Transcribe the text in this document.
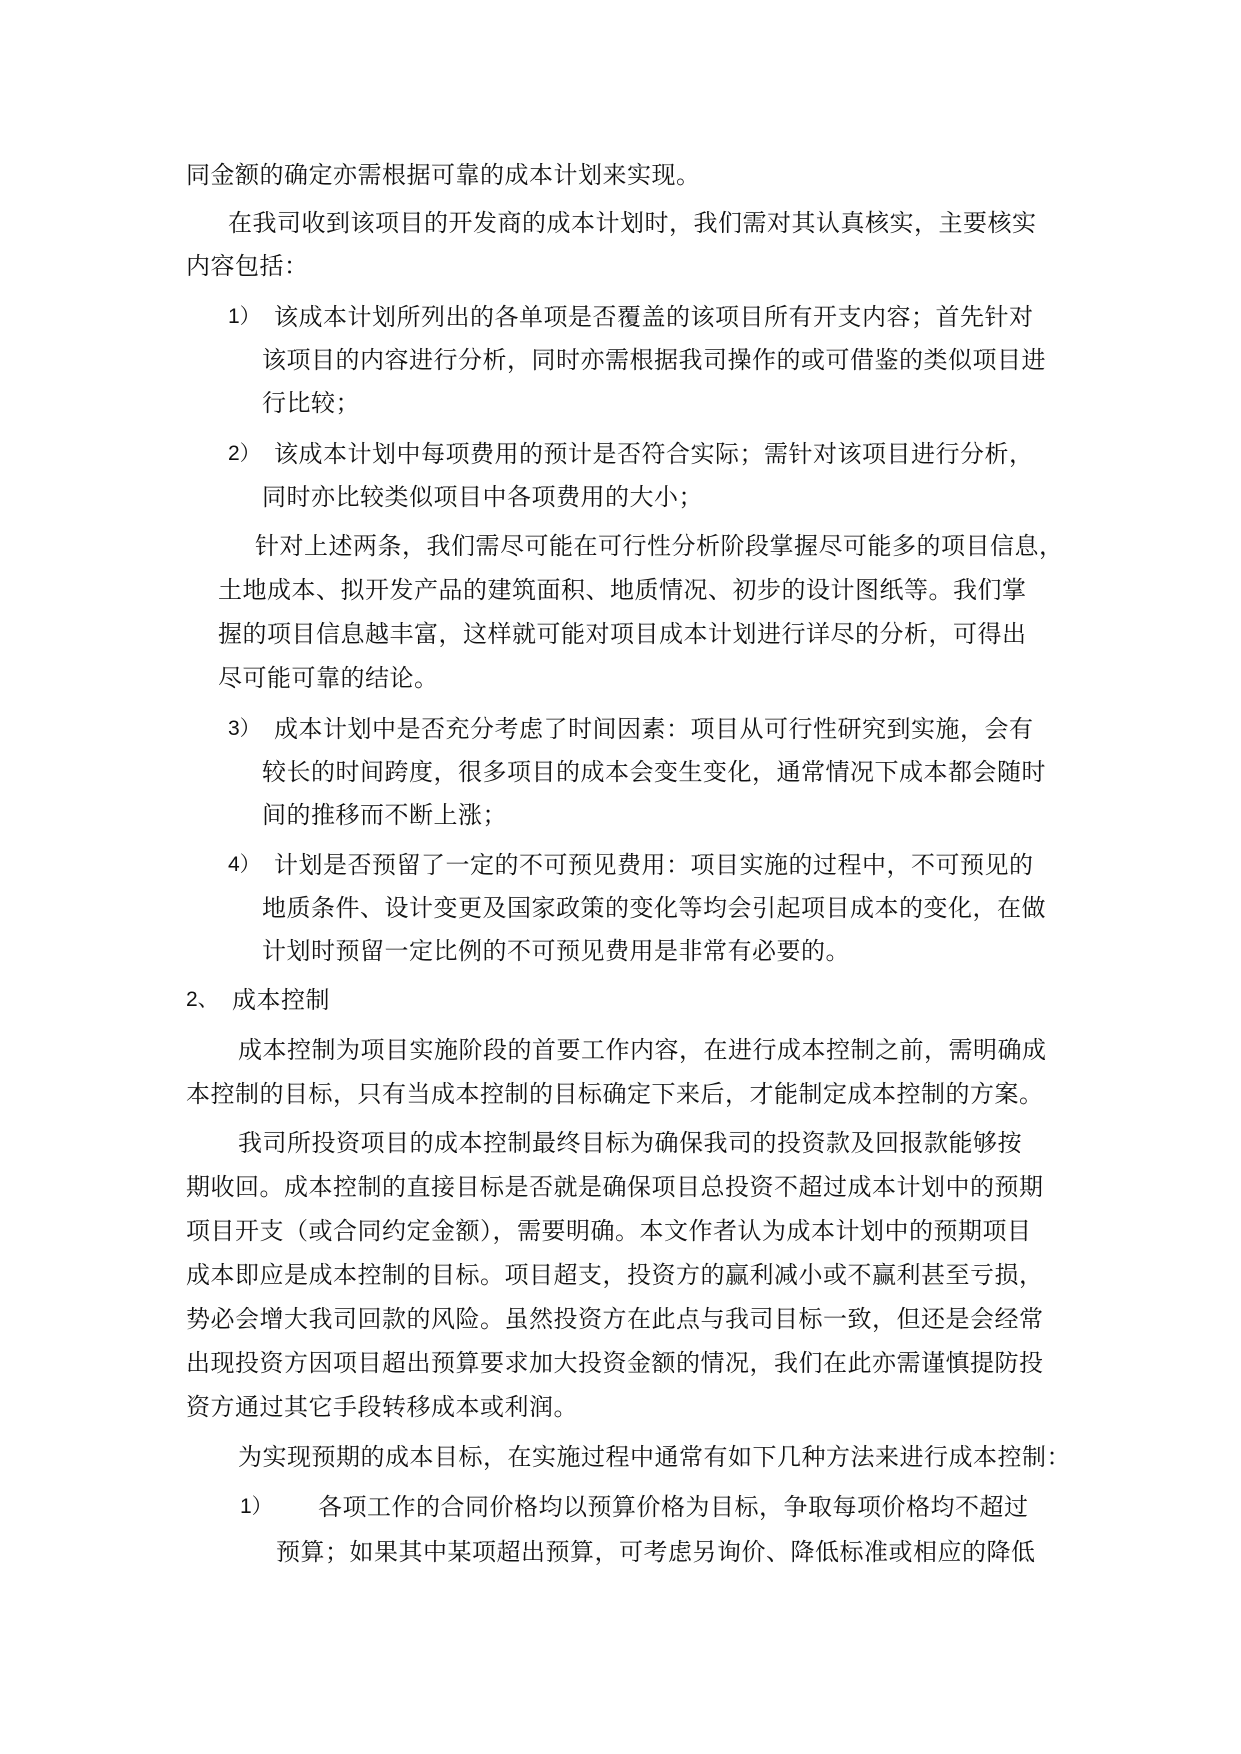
同金额的确定亦需根据可靠的成本计划来实现。
在我司收到该项目的开发商的成本计划时，我们需对其认真核实，主要核实
内容包括：
1） 该成本计划所列出的各单项是否覆盖的该项目所有开支内容；首先针对
该项目的内容进行分析，同时亦需根据我司操作的或可借鉴的类似项目进
行比较；
2） 该成本计划中每项费用的预计是否符合实际；需针对该项目进行分析，
同时亦比较类似项目中各项费用的大小；
针对上述两条，我们需尽可能在可行性分析阶段掌握尽可能多的项目信息，
土地成本、拟开发产品的建筑面积、地质情况、初步的设计图纸等。我们掌
握的项目信息越丰富，这样就可能对项目成本计划进行详尽的分析，可得出
尽可能可靠的结论。
3） 成本计划中是否充分考虑了时间因素：项目从可行性研究到实施，会有
较长的时间跨度，很多项目的成本会变生变化，通常情况下成本都会随时
间的推移而不断上涨；
4） 计划是否预留了一定的不可预见费用：项目实施的过程中，不可预见的
地质条件、设计变更及国家政策的变化等均会引起项目成本的变化，在做
计划时预留一定比例的不可预见费用是非常有必要的。
2、 成本控制
成本控制为项目实施阶段的首要工作内容，在进行成本控制之前，需明确成
本控制的目标，只有当成本控制的目标确定下来后，才能制定成本控制的方案。
我司所投资项目的成本控制最终目标为确保我司的投资款及回报款能够按
期收回。成本控制的直接目标是否就是确保项目总投资不超过成本计划中的预期
项目开支（或合同约定金额），需要明确。本文作者认为成本计划中的预期项目
成本即应是成本控制的目标。项目超支，投资方的赢利减小或不赢利甚至亏损，
势必会增大我司回款的风险。虽然投资方在此点与我司目标一致，但还是会经常
出现投资方因项目超出预算要求加大投资金额的情况，我们在此亦需谨慎提防投
资方通过其它手段转移成本或利润。
为实现预期的成本目标，在实施过程中通常有如下几种方法来进行成本控制：
1） 各项工作的合同价格均以预算价格为目标，争取每项价格均不超过
预算；如果其中某项超出预算，可考虑另询价、降低标准或相应的降低
